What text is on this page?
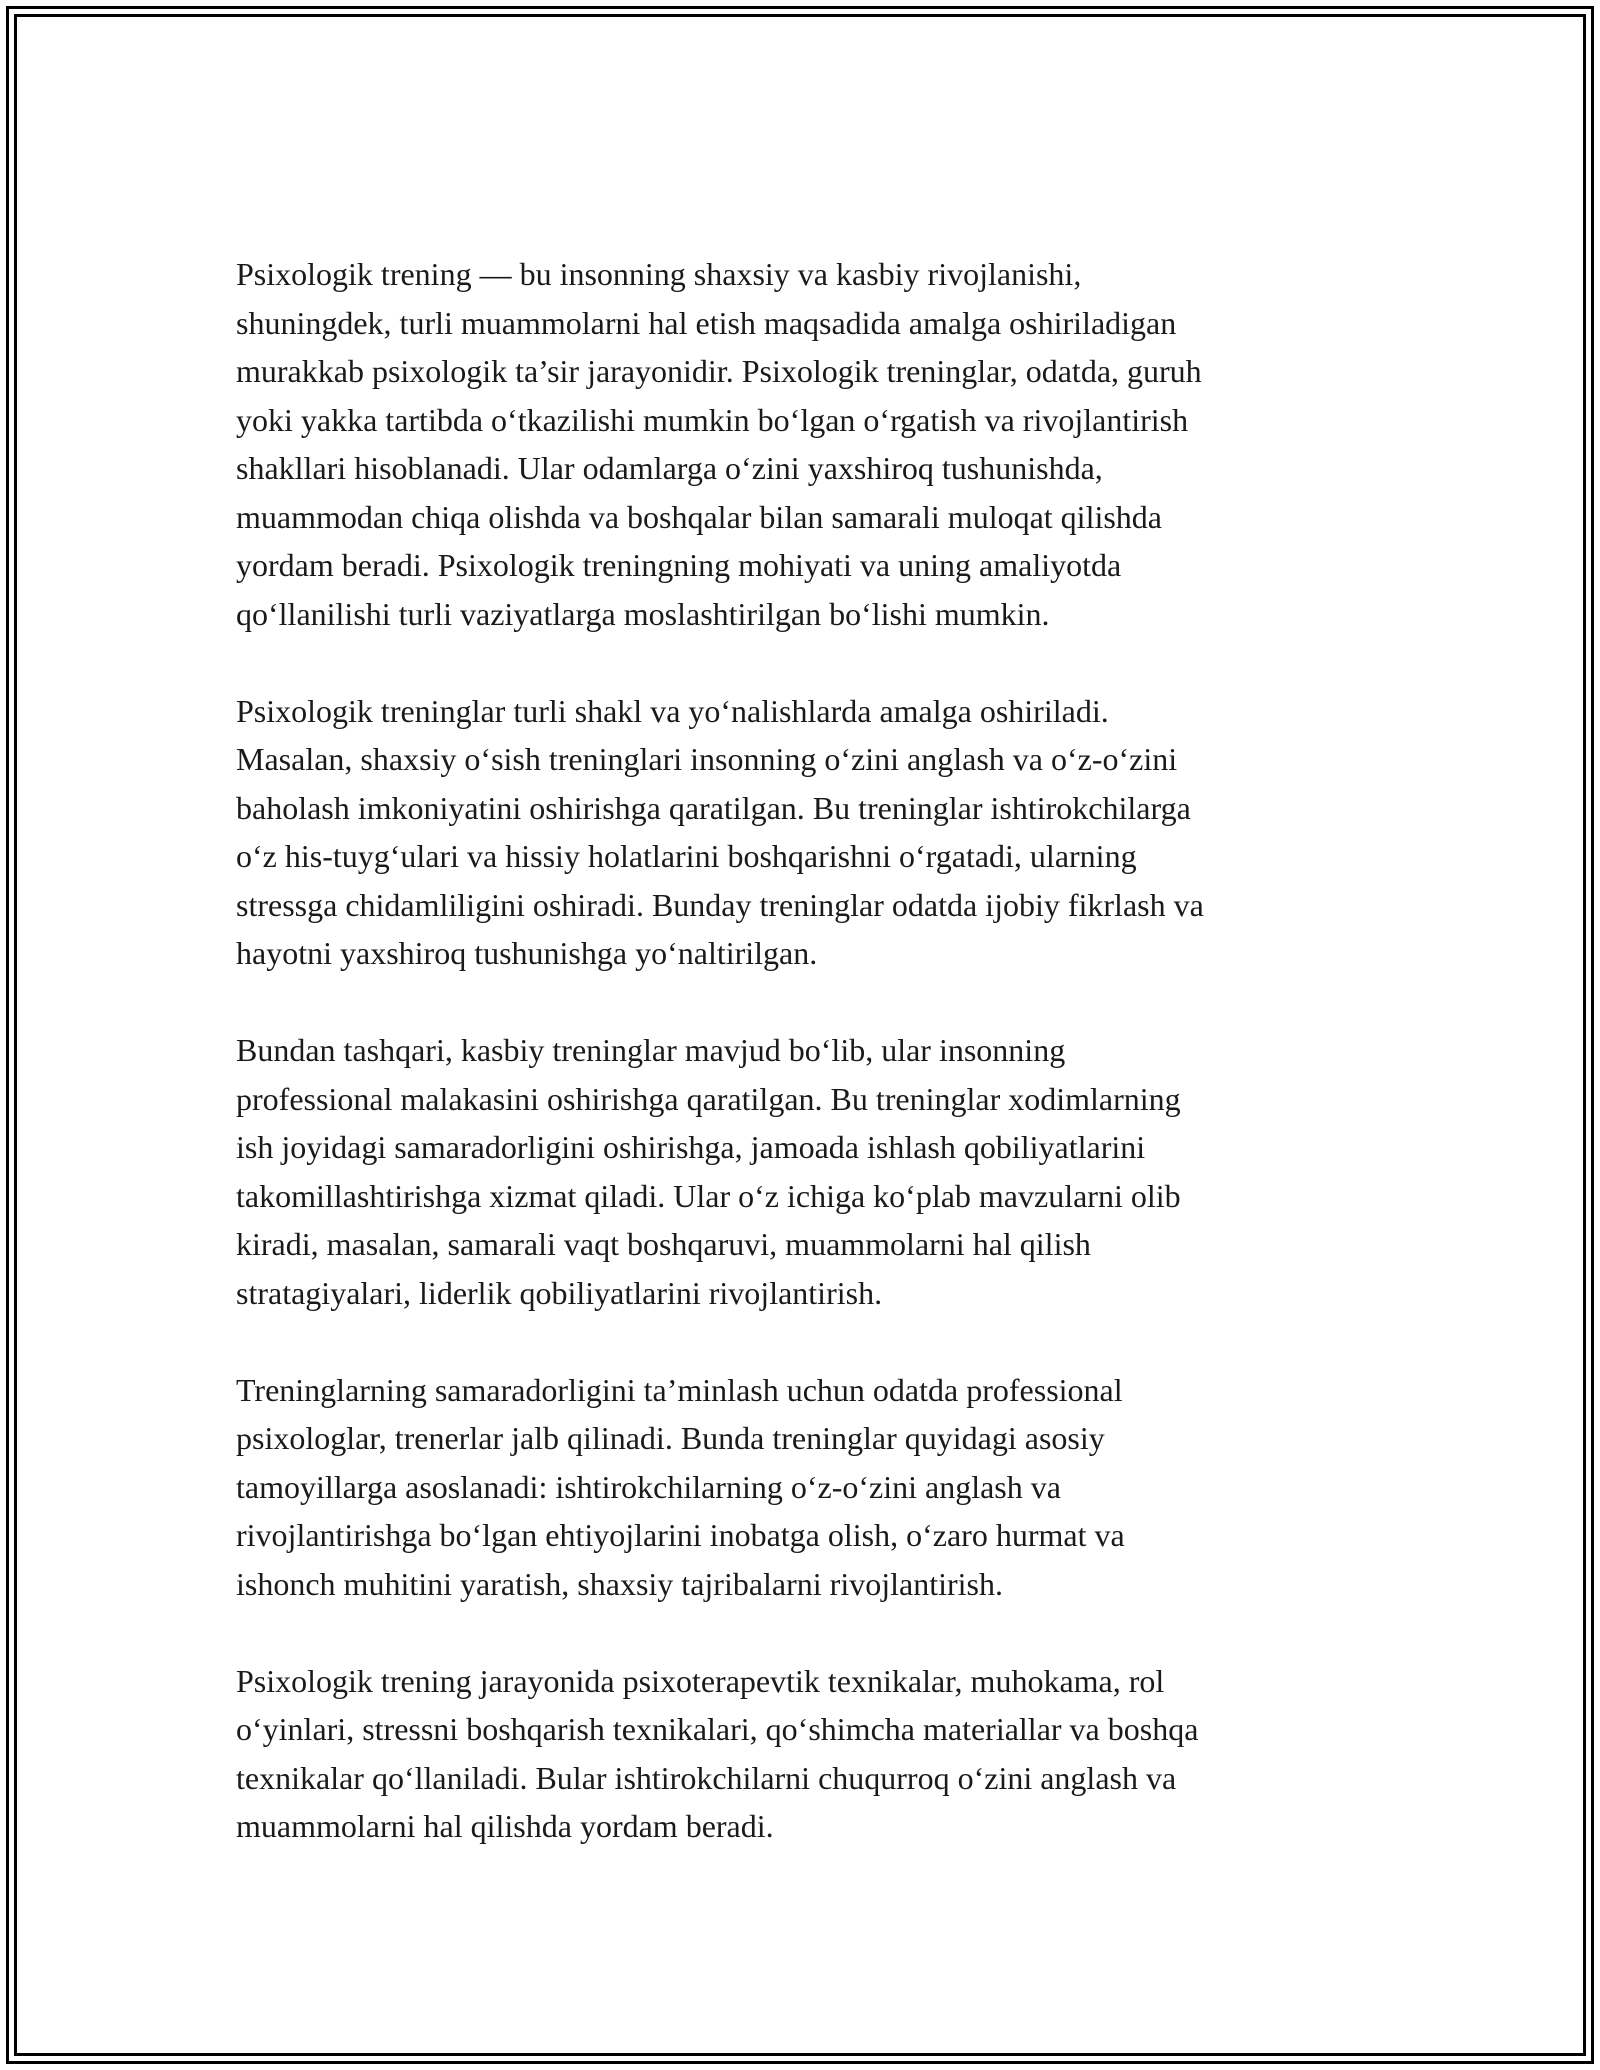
Psixologik trening — bu insonning shaxsiy va kasbiy rivojlanishi,
shuningdek, turli muammolarni hal etish maqsadida amalga oshiriladigan
murakkab psixologik ta’sir jarayonidir. Psixologik treninglar, odatda, guruh
yoki yakka tartibda o‘tkazilishi mumkin bo‘lgan o‘rgatish va rivojlantirish
shakllari hisoblanadi. Ular odamlarga o‘zini yaxshiroq tushunishda,
muammodan chiqa olishda va boshqalar bilan samarali muloqat qilishda
yordam beradi. Psixologik treningning mohiyati va uning amaliyotda
qo‘llanilishi turli vaziyatlarga moslashtirilgan bo‘lishi mumkin.

Psixologik treninglar turli shakl va yo‘nalishlarda amalga oshiriladi.
Masalan, shaxsiy o‘sish treninglari insonning o‘zini anglash va o‘z-o‘zini
baholash imkoniyatini oshirishga qaratilgan. Bu treninglar ishtirokchilarga
o‘z his-tuyg‘ulari va hissiy holatlarini boshqarishni o‘rgatadi, ularning
stressga chidamliligini oshiradi. Bunday treninglar odatda ijobiy fikrlash va
hayotni yaxshiroq tushunishga yo‘naltirilgan.

Bundan tashqari, kasbiy treninglar mavjud bo‘lib, ular insonning
professional malakasini oshirishga qaratilgan. Bu treninglar xodimlarning
ish joyidagi samaradorligini oshirishga, jamoada ishlash qobiliyatlarini
takomillashtirishga xizmat qiladi. Ular o‘z ichiga ko‘plab mavzularni olib
kiradi, masalan, samarali vaqt boshqaruvi, muammolarni hal qilish
stratagiyalari, liderlik qobiliyatlarini rivojlantirish.

Treninglarning samaradorligini ta’minlash uchun odatda professional
psixologlar, trenerlar jalb qilinadi. Bunda treninglar quyidagi asosiy
tamoyillarga asoslanadi: ishtirokchilarning o‘z-o‘zini anglash va
rivojlantirishga bo‘lgan ehtiyojlarini inobatga olish, o‘zaro hurmat va
ishonch muhitini yaratish, shaxsiy tajribalarni rivojlantirish.

Psixologik trening jarayonida psixoterapevtik texnikalar, muhokama, rol
o‘yinlari, stressni boshqarish texnikalari, qo‘shimcha materiallar va boshqa
texnikalar qo‘llaniladi. Bular ishtirokchilarni chuqurroq o‘zini anglash va
muammolarni hal qilishda yordam beradi.
